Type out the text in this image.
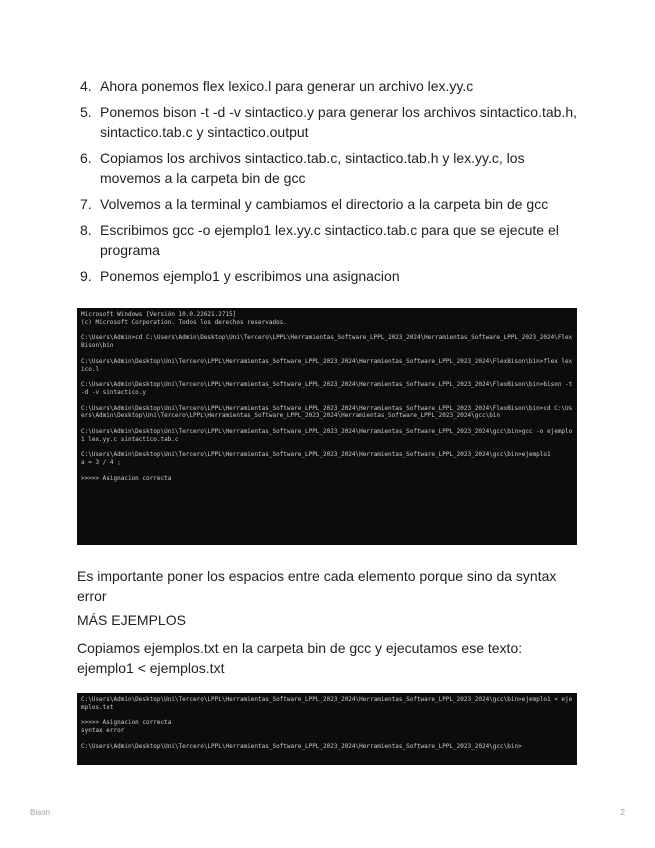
4. Ahora ponemos flex lexico.l para generar un archivo lex.yy.c
5. Ponemos bison -t -d -v sintactico.y para generar los archivos sintactico.tab.h, sintactico.tab.c y sintactico.output
6. Copiamos los archivos sintactico.tab.c, sintactico.tab.h y lex.yy.c, los movemos a la carpeta bin de gcc
7. Volvemos a la terminal y cambiamos el directorio a la carpeta bin de gcc
8. Escribimos gcc -o ejemplo1 lex.yy.c sintactico.tab.c para que se ejecute el programa
9. Ponemos ejemplo1 y escribimos una asignacion
Microsoft Windows [Versión 10.0.22621.2715]
(c) Microsoft Corporation. Todos los derechos reservados.
C:\Users\Admin>cd C:\Users\Admin\Desktop\Uni\Tercero\LPPL\Herramientas_Software_LPPL_2023_2024\Herramientas_Software_LPPL_2023_2024\FlexBison\bin
C:\Users\Admin\Desktop\Uni\Tercero\LPPL\Herramientas_Software_LPPL_2023_2024\Herramientas_Software_LPPL_2023_2024\FlexBison\bin>flex lexico.l
C:\Users\Admin\Desktop\Uni\Tercero\LPPL\Herramientas_Software_LPPL_2023_2024\Herramientas_Software_LPPL_2023_2024\FlexBison\bin>bison -t -d -v sintactico.y
C:\Users\Admin\Desktop\Uni\Tercero\LPPL\Herramientas_Software_LPPL_2023_2024\Herramientas_Software_LPPL_2023_2024\FlexBison\bin>cd C:\Users\Admin\Desktop\Uni\Tercero\LPPL\Herramientas_Software_LPPL_2023_2024\Herramientas_Software_LPPL_2023_2024\gcc\bin
C:\Users\Admin\Desktop\Uni\Tercero\LPPL\Herramientas_Software_LPPL_2023_2024\Herramientas_Software_LPPL_2023_2024\gcc\bin>gcc -o ejemplo1 lex.yy.c sintactico.tab.c
C:\Users\Admin\Desktop\Uni\Tercero\LPPL\Herramientas_Software_LPPL_2023_2024\Herramientas_Software_LPPL_2023_2024\gcc\bin>ejemplo1
a = 3 / 4 ;
>>>>> Asignacion correcta

Es importante poner los espacios entre cada elemento porque sino da syntax error

MÁS EJEMPLOS

Copiamos ejemplos.txt en la carpeta bin de gcc y ejecutamos ese texto: ejemplo1 < ejemplos.txt

C:\Users\Admin\Desktop\Uni\Tercero\LPPL\Herramientas_Software_LPPL_2023_2024\Herramientas_Software_LPPL_2023_2024\gcc\bin>ejemplo1 < ejemplos.txt
>>>>> Asignacion correcta
syntax error
C:\Users\Admin\Desktop\Uni\Tercero\LPPL\Herramientas_Software_LPPL_2023_2024\Herramientas_Software_LPPL_2023_2024\gcc\bin>
Bison	2
